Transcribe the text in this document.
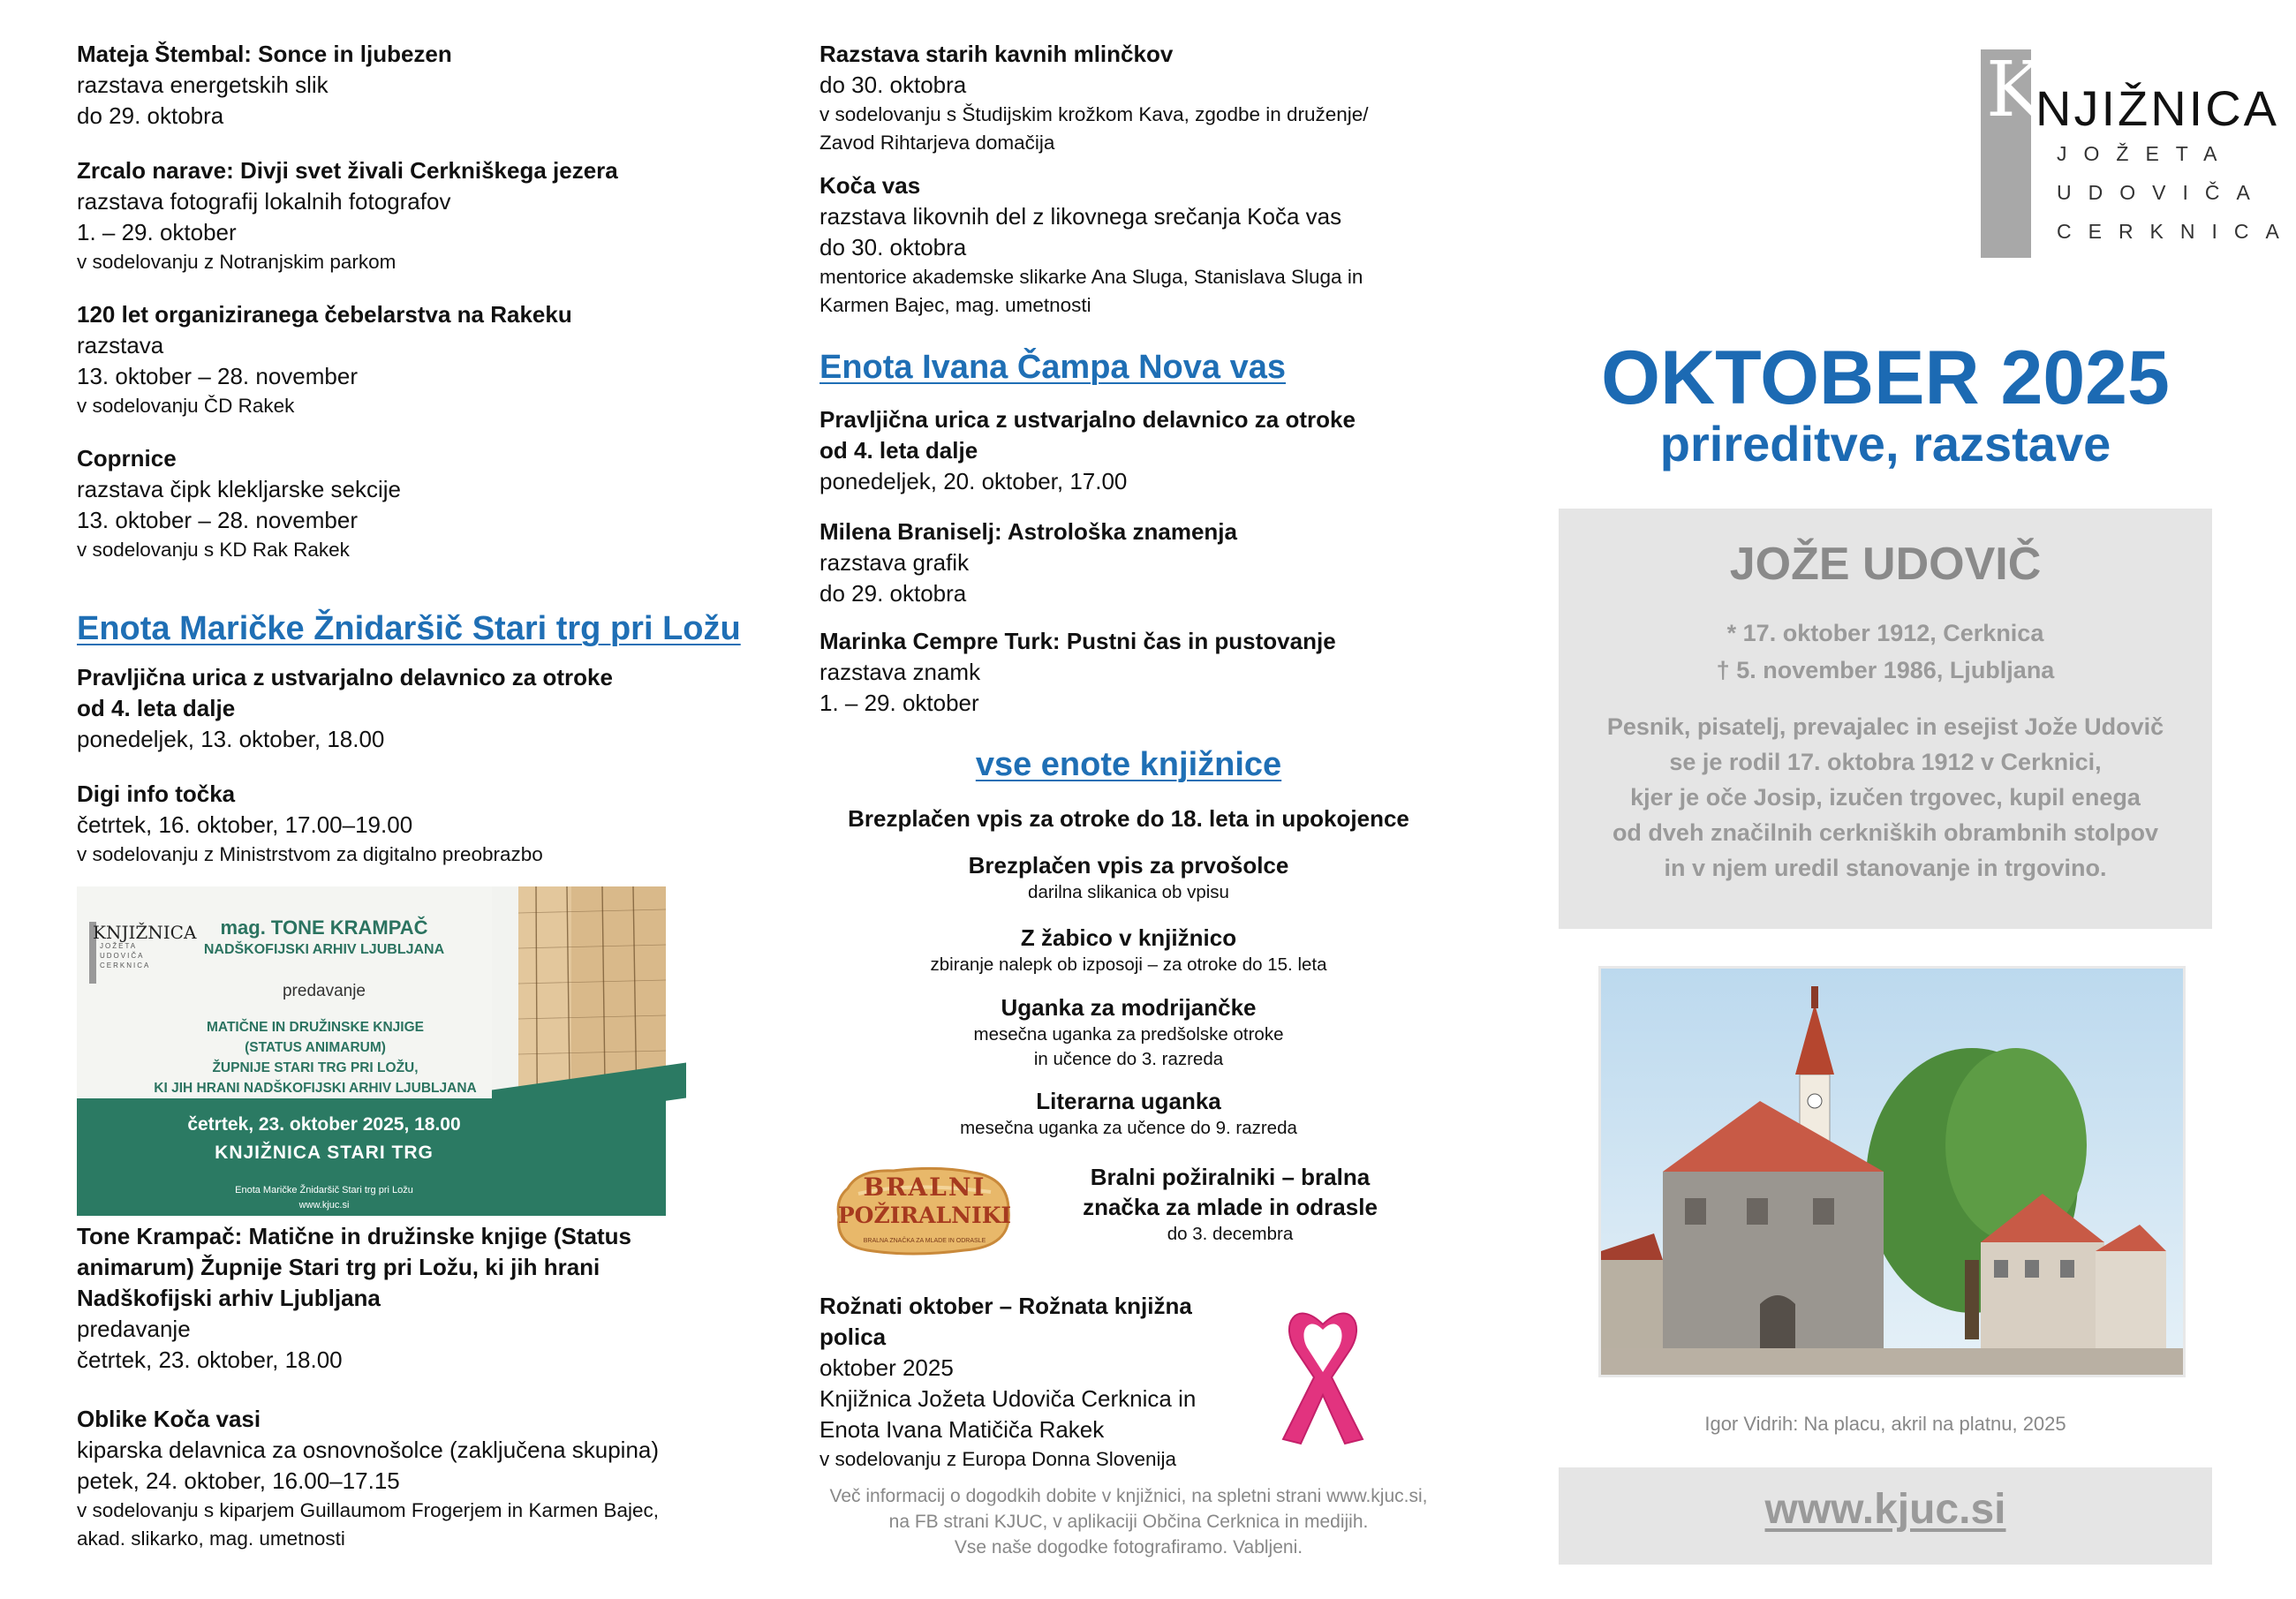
Mateja Štembal: Sonce in ljubezen
razstava energetskih slik
do 29. oktobra
Zrcalo narave: Divji svet živali Cerkniškega jezera
razstava fotografij lokalnih fotografov
1. – 29. oktober
v sodelovanju z Notranjskim parkom
120 let organiziranega čebelarstva na Rakeku
razstava
13. oktober – 28. november
v sodelovanju ČD Rakek
Coprnice
razstava čipk klekljarske sekcije
13. oktober – 28. november
v sodelovanju s KD Rak Rakek
Enota Maričke Žnidaršič Stari trg pri Ložu
Pravljična urica z ustvarjalno delavnico za otroke
od 4. leta dalje
ponedeljek, 13. oktober, 18.00
Digi info točka
četrtek, 16. oktober, 17.00–19.00
v sodelovanju z Ministrstvom za digitalno preobrazbo
KNJIŽNICA
JOŽETA
UDOVIČA
CERKNICA
mag. TONE KRAMPAČ
NADŠKOFIJSKI ARHIV LJUBLJANA
predavanje
MATIČNE IN DRUŽINSKE KNJIGE
(STATUS ANIMARUM)
ŽUPNIJE STARI TRG PRI LOŽU,
KI JIH HRANI NADŠKOFIJSKI ARHIV LJUBLJANA
četrtek, 23. oktober 2025, 18.00
KNJIŽNICA STARI TRG
Enota Maričke Žnidaršič Stari trg pri Ložu
www.kjuc.si
Tone Krampač: Matične in družinske knjige (Status
animarum) Župnije Stari trg pri Ložu, ki jih hrani
Nadškofijski arhiv Ljubljana
predavanje
četrtek, 23. oktober, 18.00
Oblike Koča vasi
kiparska delavnica za osnovnošolce (zaključena skupina)
petek, 24. oktober, 16.00–17.15
v sodelovanju s kiparjem Guillaumom Frogerjem in Karmen Bajec,
akad. slikarko, mag. umetnosti
Razstava starih kavnih mlinčkov
do 30. oktobra
v sodelovanju s Študijskim krožkom Kava, zgodbe in druženje/
Zavod Rihtarjeva domačija
Koča vas
razstava likovnih del z likovnega srečanja Koča vas
do 30. oktobra
mentorice akademske slikarke Ana Sluga, Stanislava Sluga in
Karmen Bajec, mag. umetnosti
Enota Ivana Čampa Nova vas
Pravljična urica z ustvarjalno delavnico za otroke
od 4. leta dalje
ponedeljek, 20. oktober, 17.00
Milena Braniselj: Astrološka znamenja
razstava grafik
do 29. oktobra
Marinka Cempre Turk: Pustni čas in pustovanje
razstava znamk
1. – 29. oktober
vse enote knjižnice
Brezplačen vpis za otroke do 18. leta in upokojence
Brezplačen vpis za prvošolce
darilna slikanica ob vpisu
Z žabico v knjižnico
zbiranje nalepk ob izposoji – za otroke do 15. leta
Uganka za modrijančke
mesečna uganka za predšolske otroke
in učence do 3. razreda
Literarna uganka
mesečna uganka za učence do 9. razreda
BRALNI
POŽIRALNIKI
BRALNA ZNAČKA ZA MLADE IN ODRASLE
Bralni požiralniki – bralna
značka za mlade in odrasle
do 3. decembra
Rožnati oktober – Rožnata knjižna polica
oktober 2025
Knjižnica Jožeta Udoviča Cerknica in
Enota Ivana Matičiča Rakek
v sodelovanju z Europa Donna Slovenija
Več informacij o dogodkih dobite v knjižnici, na spletni strani www.kjuc.si,
na FB strani KJUC, v aplikaciji Občina Cerknica in medijih.
Vse naše dogodke fotografiramo. Vabljeni.
K
NJIŽNICA
JOŽETA
UDOVIČA
CERKNICA
OKTOBER 2025
prireditve, razstave
JOŽE UDOVIČ
* 17. oktober 1912, Cerknica
† 5. november 1986, Ljubljana
Pesnik, pisatelj, prevajalec in esejist Jože Udovič
se je rodil 17. oktobra 1912 v Cerknici,
kjer je oče Josip, izučen trgovec, kupil enega
od dveh značilnih cerkniških obrambnih stolpov
in v njem uredil stanovanje in trgovino.
Igor Vidrih: Na placu, akril na platnu, 2025
www.kjuc.si
